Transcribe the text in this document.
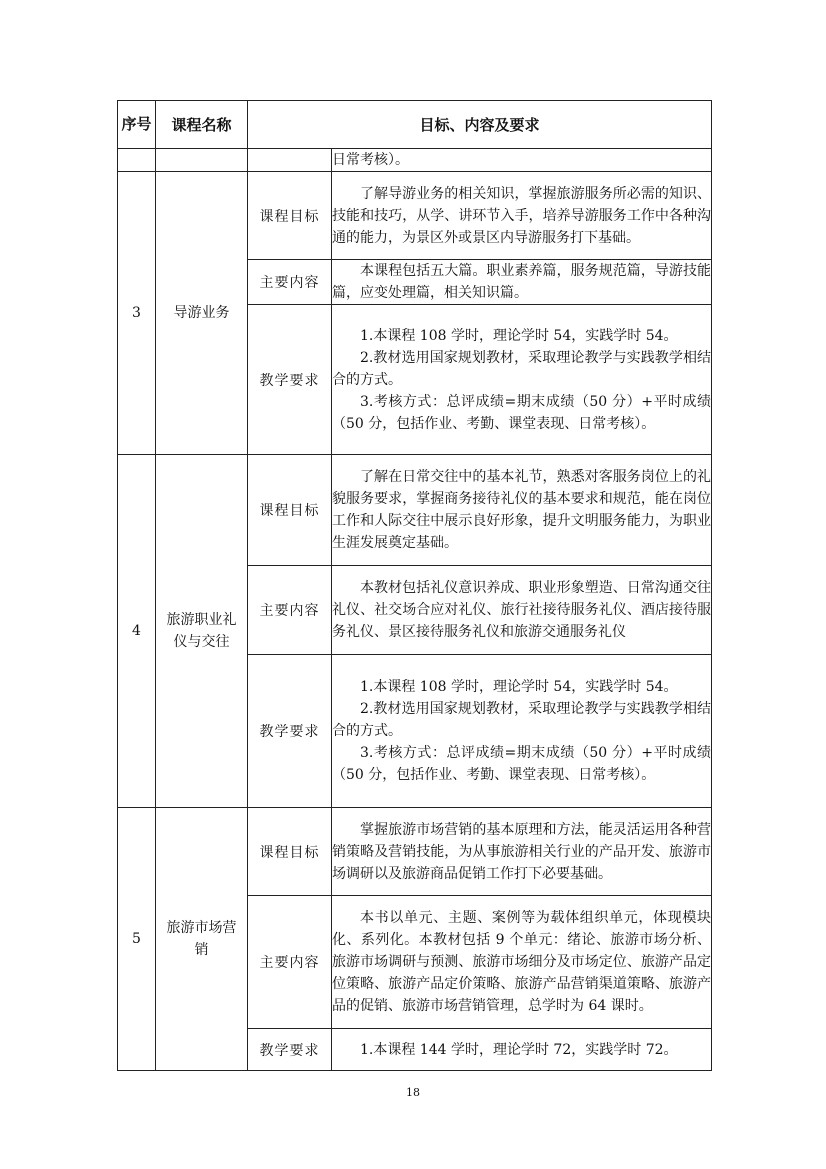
序号	课程名称	目标、内容及要求	
			日常考核）。
3	导游业务	课程目标	了解导游业务的相关知识，掌握旅游服务所必需的知识、技能和技巧，从学、讲环节入手，培养导游服务工作中各种沟通的能力，为景区外或景区内导游服务打下基础。

		主要内容	本课程包括五大篇。职业素养篇，服务规范篇，导游技能篇，应变处理篇，相关知识篇。

		教学要求	1.本课程 108 学时，理论学时 54，实践学时 54。

2.教材选用国家规划教材，采取理论教学与实践教学相结合的方式。

3.考核方式：总评成绩=期末成绩（50 分）+平时成绩（50 分，包括作业、考勤、课堂表现、日常考核）。

4	旅游职业礼仪与交往	课程目标	了解在日常交往中的基本礼节，熟悉对客服务岗位上的礼貌服务要求，掌握商务接待礼仪的基本要求和规范，能在岗位工作和人际交往中展示良好形象，提升文明服务能力，为职业生涯发展奠定基础。

		主要内容	本教材包括礼仪意识养成、职业形象塑造、日常沟通交往礼仪、社交场合应对礼仪、旅行社接待服务礼仪、酒店接待服务礼仪、景区接待服务礼仪和旅游交通服务礼仪

		教学要求	1.本课程 108 学时，理论学时 54，实践学时 54。

2.教材选用国家规划教材，采取理论教学与实践教学相结合的方式。

3.考核方式：总评成绩=期末成绩（50 分）+平时成绩（50 分，包括作业、考勤、课堂表现、日常考核）。

5	旅游市场营销	课程目标	掌握旅游市场营销的基本原理和方法，能灵活运用各种营销策略及营销技能，为从事旅游相关行业的产品开发、旅游市场调研以及旅游商品促销工作打下必要基础。

		主要内容	本书以单元、主题、案例等为载体组织单元，体现模块化、系列化。本教材包括 9 个单元：绪论、旅游市场分析、旅游市场调研与预测、旅游市场细分及市场定位、旅游产品定位策略、旅游产品定价策略、旅游产品营销渠道策略、旅游产品的促销、旅游市场营销管理，总学时为 64 课时。

		教学要求	1.本课程 144 学时，理论学时 72，实践学时 72。

18
